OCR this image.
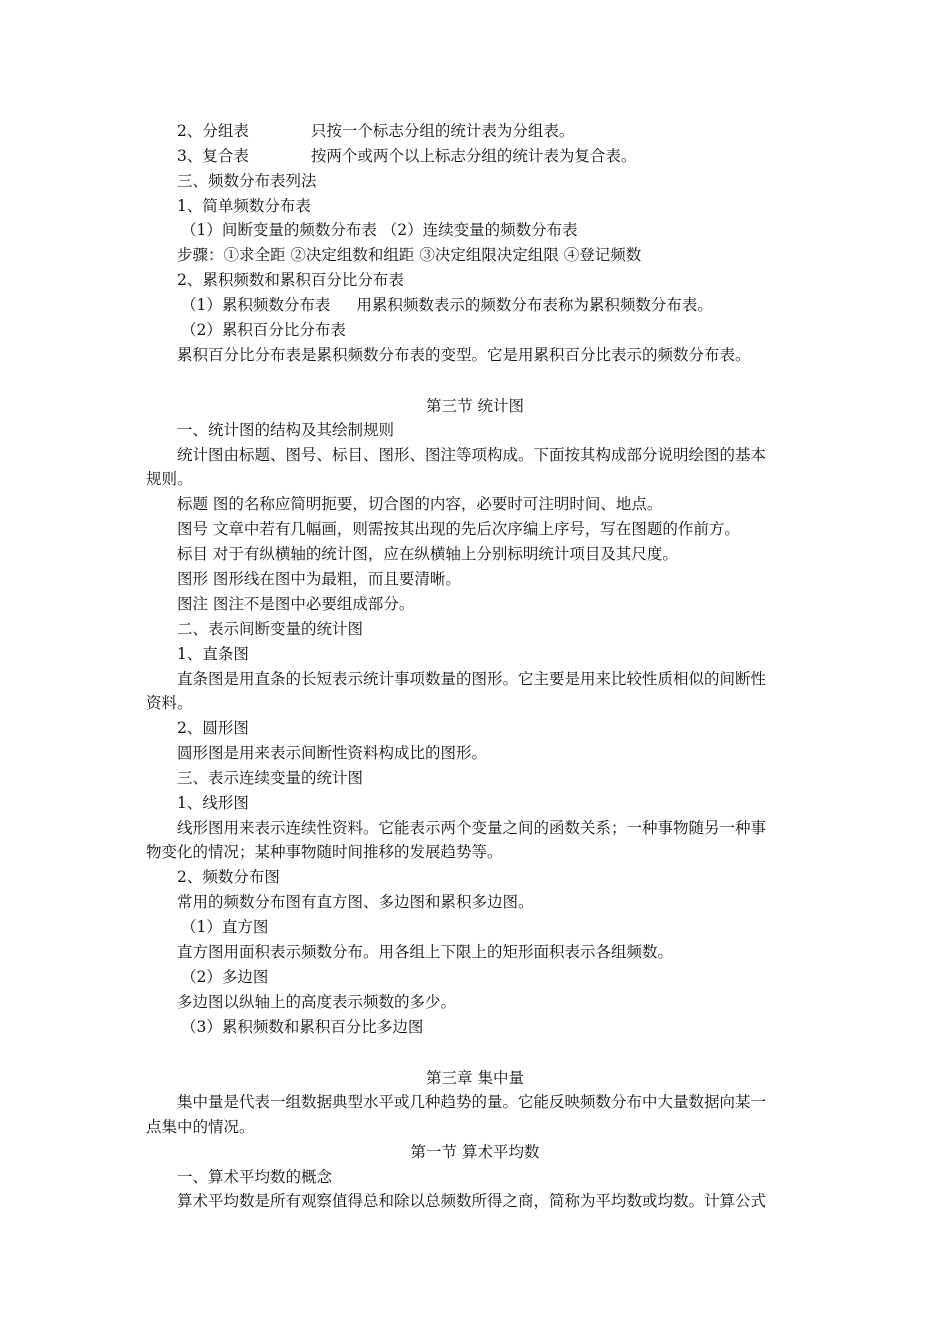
2、分组表	只按一个标志分组的统计表为分组表。
3、复合表	按两个或两个以上标志分组的统计表为复合表。
三、频数分布表列法
1、简单频数分布表
（1）间断变量的频数分布表 （2）连续变量的频数分布表
步骤：①求全距 ②决定组数和组距 ③决定组限决定组限 ④登记频数
2、累积频数和累积百分比分布表
（1）累积频数分布表 用累积频数表示的频数分布表称为累积频数分布表。
（2）累积百分比分布表
累积百分比分布表是累积频数分布表的变型。它是用累积百分比表示的频数分布表。
第三节 统计图
一、统计图的结构及其绘制规则
统计图由标题、图号、标目、图形、图注等项构成。下面按其构成部分说明绘图的基本
规则。
标题 图的名称应简明扼要，切合图的内容，必要时可注明时间、地点。
图号 文章中若有几幅画，则需按其出现的先后次序编上序号，写在图题的作前方。
标目 对于有纵横轴的统计图，应在纵横轴上分别标明统计项目及其尺度。
图形 图形线在图中为最粗，而且要清晰。
图注 图注不是图中必要组成部分。
二、表示间断变量的统计图
1、直条图
直条图是用直条的长短表示统计事项数量的图形。它主要是用来比较性质相似的间断性
资料。
2、圆形图
圆形图是用来表示间断性资料构成比的图形。
三、表示连续变量的统计图
1、线形图
线形图用来表示连续性资料。它能表示两个变量之间的函数关系；一种事物随另一种事
物变化的情况；某种事物随时间推移的发展趋势等。
2、频数分布图
常用的频数分布图有直方图、多边图和累积多边图。
（1）直方图
直方图用面积表示频数分布。用各组上下限上的矩形面积表示各组频数。
（2）多边图
多边图以纵轴上的高度表示频数的多少。
（3）累积频数和累积百分比多边图
第三章 集中量
集中量是代表一组数据典型水平或几种趋势的量。它能反映频数分布中大量数据向某一
点集中的情况。
第一节 算术平均数
一、算术平均数的概念
算术平均数是所有观察值得总和除以总频数所得之商，简称为平均数或均数。计算公式
